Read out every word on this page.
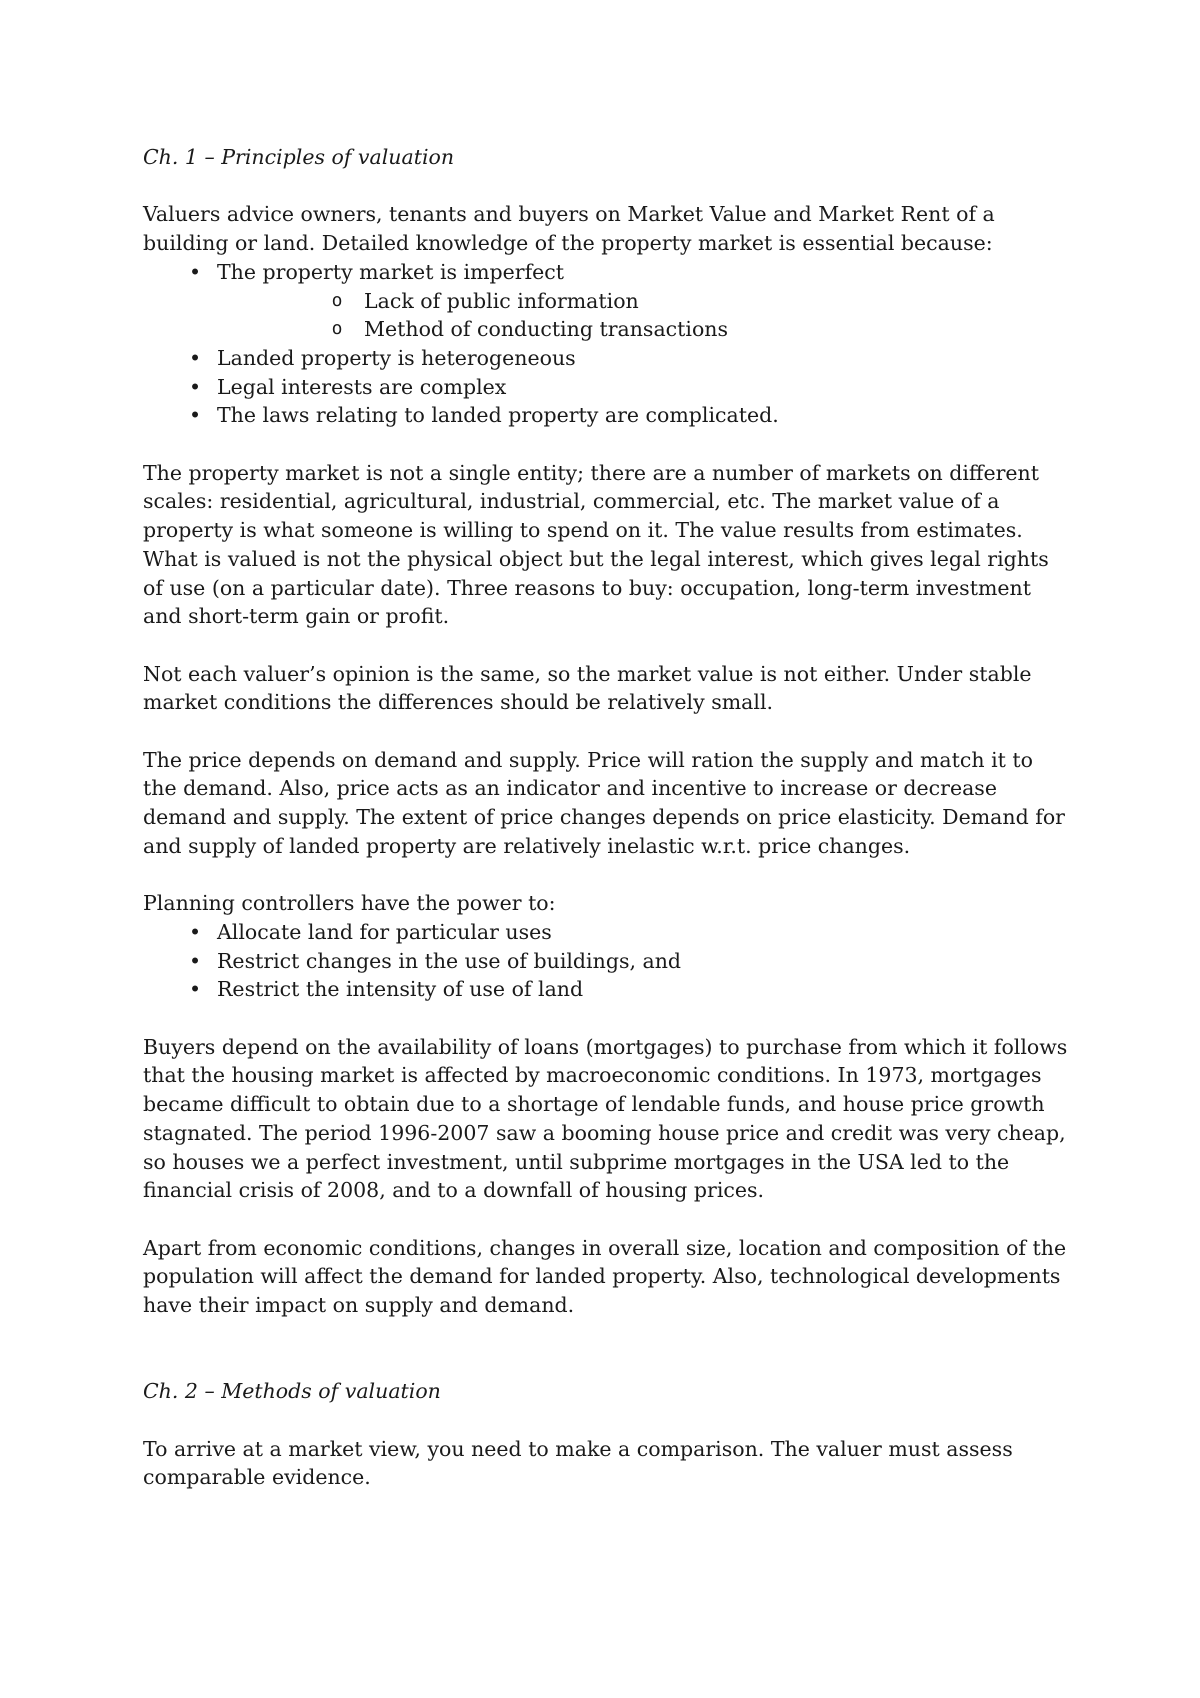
Ch. 1 – Principles of valuation

Valuers advice owners, tenants and buyers on Market Value and Market Rent of a building or land. Detailed knowledge of the property market is essential because:

• The property market is imperfect
o Lack of public information
o Method of conducting transactions
• Landed property is heterogeneous
• Legal interests are complex
• The laws relating to landed property are complicated.

The property market is not a single entity; there are a number of markets on different scales: residential, agricultural, industrial, commercial, etc. The market value of a property is what someone is willing to spend on it. The value results from estimates. What is valued is not the physical object but the legal interest, which gives legal rights of use (on a particular date). Three reasons to buy: occupation, long-term investment and short-term gain or profit.

Not each valuer’s opinion is the same, so the market value is not either. Under stable market conditions the differences should be relatively small.

The price depends on demand and supply. Price will ration the supply and match it to the demand. Also, price acts as an indicator and incentive to increase or decrease demand and supply. The extent of price changes depends on price elasticity. Demand for and supply of landed property are relatively inelastic w.r.t. price changes.

Planning controllers have the power to:

• Allocate land for particular uses
• Restrict changes in the use of buildings, and
• Restrict the intensity of use of land

Buyers depend on the availability of loans (mortgages) to purchase from which it follows that the housing market is affected by macroeconomic conditions. In 1973, mortgages became difficult to obtain due to a shortage of lendable funds, and house price growth stagnated. The period 1996-2007 saw a booming house price and credit was very cheap, so houses we a perfect investment, until subprime mortgages in the USA led to the financial crisis of 2008, and to a downfall of housing prices.

Apart from economic conditions, changes in overall size, location and composition of the population will affect the demand for landed property. Also, technological developments have their impact on supply and demand.

Ch. 2 – Methods of valuation

To arrive at a market view, you need to make a comparison. The valuer must assess comparable evidence.
